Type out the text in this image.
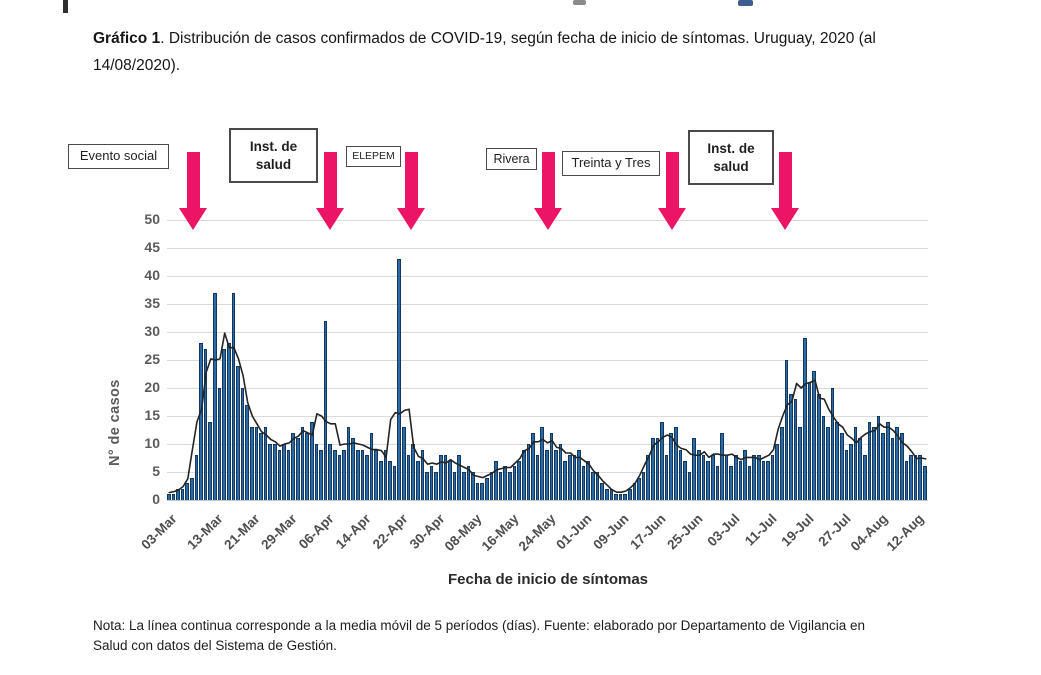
Gráfico 1. Distribución de casos confirmados de COVID-19, según fecha de inicio de síntomas. Uruguay, 2020 (al 14/08/2020).

Evento social
Inst. de salud
ELEPEM	Rivera	Treinta y Tres
Inst. de salud
N° de casos
0
5
10
15
20
25
30
35
40
45
50
03-Mar 13-Mar
21-Mar
29-Mar
06-Apr
14-Apr
22-Apr
30-Apr
08-May
16-May
24-May
01-Jun
09-Jun
17-Jun
25-Jun
03-Jul 11-Jul
19-Jul
27-Jul
04-Aug
12-Aug
Fecha de inicio de síntomas

Nota: La línea continua corresponde a la media móvil de 5 períodos (días). Fuente: elaborado por Departamento de Vigilancia en Salud con datos del Sistema de Gestión.
